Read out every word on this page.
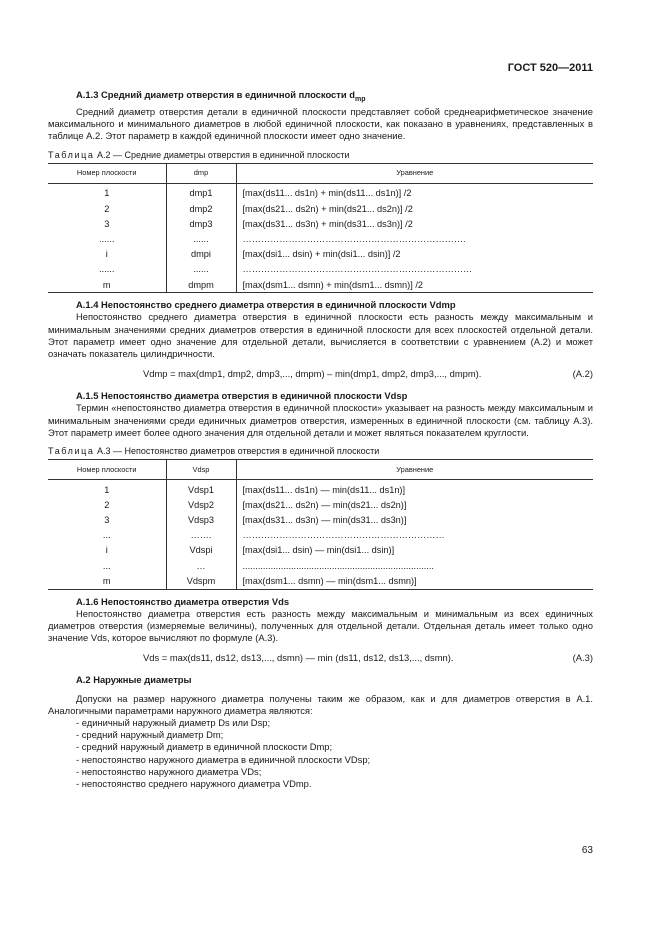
ГОСТ 520—2011

А.1.3 Средний диаметр отверстия в единичной плоскости $d_{mp}$

Средний диаметр отверстия детали в единичной плоскости представляет собой среднеарифметическое значение максимального и минимального диаметров в любой единичной плоскости, как показано в уравнениях, представленных в таблице А.2. Этот параметр в каждой единичной плоскости имеет одно значение.

Таблица А.2 — Средние диаметры отверстия в единичной плоскости
Номер плоскости	dmp	Уравнение
1	dmp1	[max(ds11... ds1n) + min(ds11... ds1n)] /2
2	dmp2	[max(ds21... ds2n) + min(ds21... ds2n)] /2
3	dmp3	[max(ds31... ds3n) + min(ds31... ds3n)] /2
......	......	……………………………………………………………….
i	dmpi	[max(dsi1... dsin) + min(dsi1... dsin)] /2
......	......	…………………………………………………………………
m	dmpm	[max(dsm1... dsmn) + min(dsm1... dsmn)] /2

А.1.4 Непостоянство среднего диаметра отверстия в единичной плоскости Vdmp

Непостоянство среднего диаметра отверстия в единичной плоскости есть разность между максимальным и минимальным значениями средних диаметров отверстия в единичной плоскости для всех плоскостей отдельной детали. Этот параметр имеет одно значение для отдельной детали, вычисляется в соответствии с уравнением (А.2) и может означать показатель цилиндричности.

Vdmp = max(dmp1, dmp2, dmp3,..., dmpm) – min(dmp1, dmp2, dmp3,..., dmpm).	(А.2)

А.1.5 Непостоянство диаметра отверстия в единичной плоскости Vdsp

Термин «непостоянство диаметра отверстия в единичной плоскости» указывает на разность между максимальным и минимальным значениями среди единичных диаметров отверстия, измеренных в единичной плоскости (см. таблицу А.3). Этот параметр имеет более одного значения для отдельной детали и может являться показателем круглости.

Таблица А.3 — Непостоянство диаметров отверстия в единичной плоскости
Номер плоскости	Vdsp	Уравнение
1	Vdsp1	[max(ds11... ds1n) — min(ds11... ds1n)]
2	Vdsp2	[max(ds21... ds2n) — min(ds21... ds2n)]
3	Vdsp3	[max(ds31... ds3n) — min(ds31... ds3n)]
...	…….	…………………………………………………………
i	Vdspi	[max(dsi1... dsin) — min(dsi1... dsin)]
...	…	...........................................................................
m	Vdspm	[max(dsm1... dsmn) — min(dsm1... dsmn)]

А.1.6 Непостоянство диаметра отверстия Vds

Непостоянство диаметра отверстия есть разность между максимальным и минимальным из всех единичных диаметров отверстия (измеряемые величины), полученных для отдельной детали. Отдельная деталь имеет только одно значение Vds, которое вычисляют по формуле (А.3).

Vds = max(ds11, ds12, ds13,..., dsmn) — min (ds11, ds12, ds13,..., dsmn).	(А.3)

А.2 Наружные диаметры

Допуски на размер наружного диаметра получены таким же образом, как и для диаметров отверстия в А.1. Аналогичными параметрами наружного диаметра являются:

- единичный наружный диаметр Ds или Dsp;
- средний наружный диаметр Dm;
- средний наружный диаметр в единичной плоскости Dmp;
- непостоянство наружного диаметра в единичной плоскости VDsp;
- непостоянство наружного диаметра VDs;
- непостоянство среднего наружного диаметра VDmp.
63
